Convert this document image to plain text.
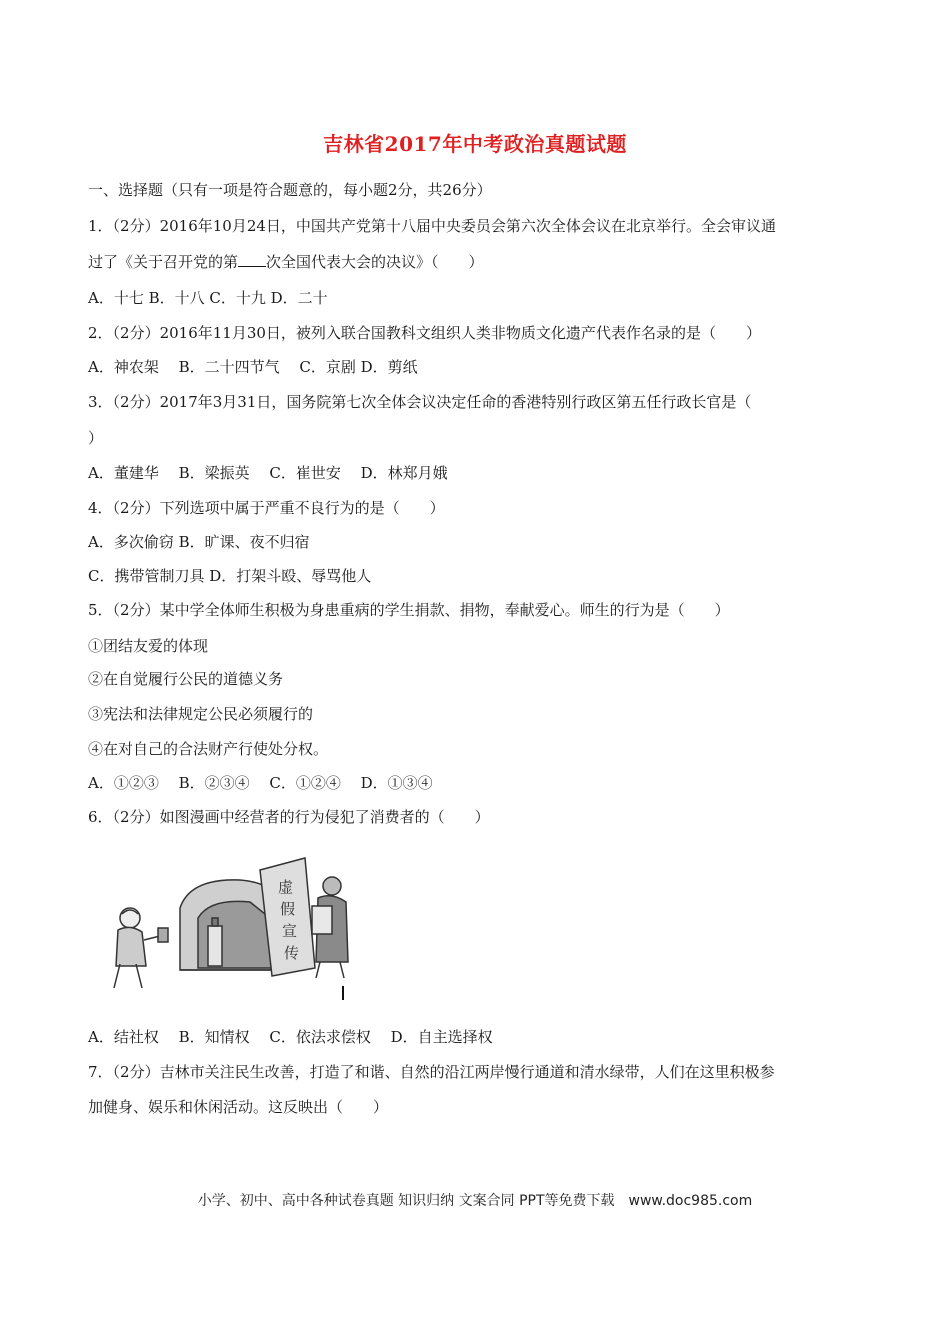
吉林省2017年中考政治真题试题
一、选择题（只有一项是符合题意的，每小题2分，共26分）
1．（2分）2016年10月24日，中国共产党第十八届中央委员会第六次全体会议在北京举行。全会审议通
过了《关于召开党的第 次全国代表大会的决议》（　　）
A．十七 B．十八 C．十九 D．二十
2．（2分）2016年11月30日，被列入联合国教科文组织人类非物质文化遗产代表作名录的是（　　）
A．神农架　 B．二十四节气　 C．京剧 D．剪纸
3．（2分）2017年3月31日，国务院第七次全体会议决定任命的香港特别行政区第五任行政长官是（
）
A．董建华　 B．梁振英　 C．崔世安　 D．林郑月娥
4．（2分）下列选项中属于严重不良行为的是（　　）
A．多次偷窃 B．旷课、夜不归宿
C．携带管制刀具 D．打架斗殴、辱骂他人
5．（2分）某中学全体师生积极为身患重病的学生捐款、捐物，奉献爱心。师生的行为是（　　）
①团结友爱的体现
②在自觉履行公民的道德义务
③宪法和法律规定公民必须履行的
④在对自己的合法财产行使处分权。
A．①②③　 B．②③④　 C．①②④　 D．①③④
6．（2分）如图漫画中经营者的行为侵犯了消费者的（　　）
虚
假
宣
传
A．结社权　 B．知情权　 C．依法求偿权　 D．自主选择权
7．（2分）吉林市关注民生改善，打造了和谐、自然的沿江两岸慢行通道和清水绿带，人们在这里积极参
加健身、娱乐和休闲活动。这反映出（　　）
小学、初中、高中各种试卷真题 知识归纳 文案合同 PPT等免费下载　www.doc985.com
